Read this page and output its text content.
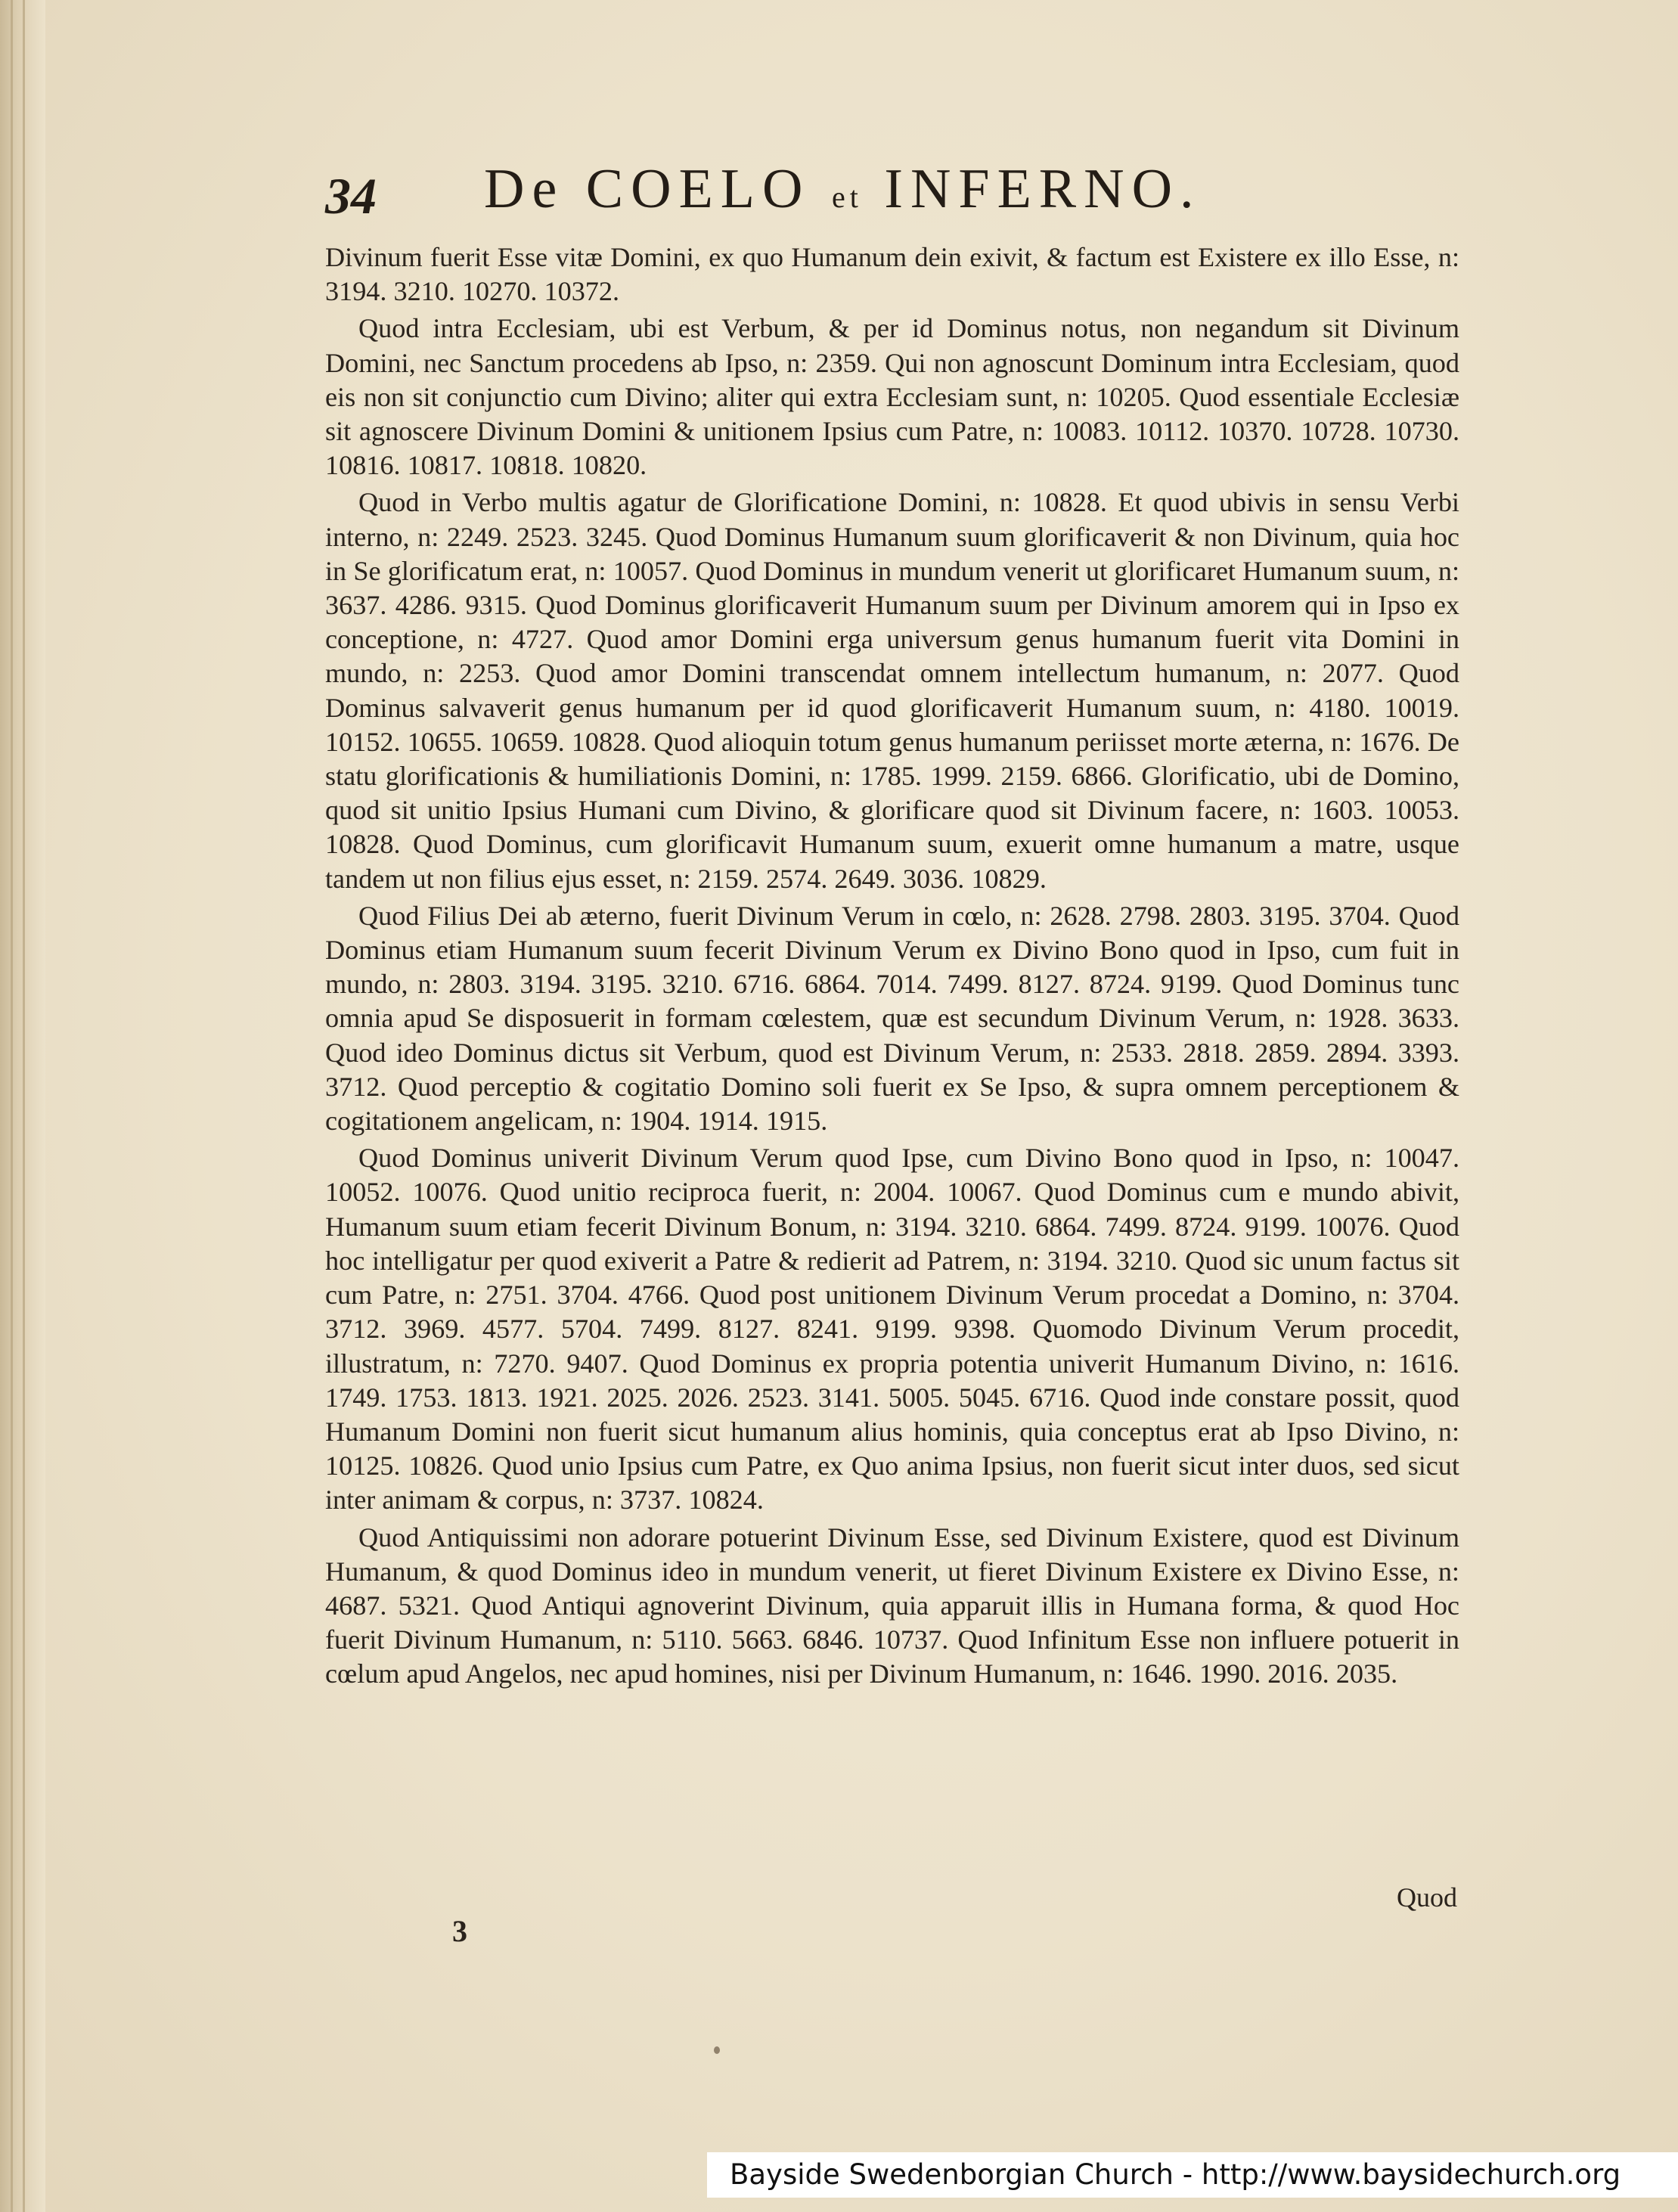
34 De COELO et INFERNO.

Divinum fuerit Esse vitæ Domini, ex quo Humanum dein exivit, & factum est Existere ex illo Esse, n: 3194. 3210. 10270. 10372.

Quod intra Ecclesiam, ubi est Verbum, & per id Dominus notus, non negandum sit Divinum Domini, nec Sanctum procedens ab Ipso, n: 2359. Qui non agnoscunt Dominum intra Ecclesiam, quod eis non sit conjunctio cum Divino; aliter qui extra Ecclesiam sunt, n: 10205. Quod essentiale Ecclesiæ sit agnoscere Divinum Domini & unitionem Ipsius cum Patre, n: 10083. 10112. 10370. 10728. 10730. 10816. 10817. 10818. 10820.

Quod in Verbo multis agatur de Glorificatione Domini, n: 10828. Et quod ubivis in sensu Verbi interno, n: 2249. 2523. 3245. Quod Dominus Humanum suum glorificaverit & non Divinum, quia hoc in Se glorificatum erat, n: 10057. Quod Dominus in mundum venerit ut glorificaret Humanum suum, n: 3637. 4286. 9315. Quod Dominus glorificaverit Humanum suum per Divinum amorem qui in Ipso ex conceptione, n: 4727. Quod amor Domini erga universum genus humanum fuerit vita Domini in mundo, n: 2253. Quod amor Domini transcendat omnem intellectum humanum, n: 2077. Quod Dominus salvaverit genus humanum per id quod glorificaverit Humanum suum, n: 4180. 10019. 10152. 10655. 10659. 10828. Quod alioquin totum genus humanum periisset morte æterna, n: 1676. De statu glorificationis & humiliationis Domini, n: 1785. 1999. 2159. 6866. Glorificatio, ubi de Domino, quod sit unitio Ipsius Humani cum Divino, & glorificare quod sit Divinum facere, n: 1603. 10053. 10828. Quod Dominus, cum glorificavit Humanum suum, exuerit omne humanum a matre, usque tandem ut non filius ejus esset, n: 2159. 2574. 2649. 3036. 10829.

Quod Filius Dei ab æterno, fuerit Divinum Verum in cœlo, n: 2628. 2798. 2803. 3195. 3704. Quod Dominus etiam Humanum suum fecerit Divinum Verum ex Divino Bono quod in Ipso, cum fuit in mundo, n: 2803. 3194. 3195. 3210. 6716. 6864. 7014. 7499. 8127. 8724. 9199. Quod Dominus tunc omnia apud Se disposuerit in formam cœlestem, quæ est secundum Divinum Verum, n: 1928. 3633. Quod ideo Dominus dictus sit Verbum, quod est Divinum Verum, n: 2533. 2818. 2859. 2894. 3393. 3712. Quod perceptio & cogitatio Domino soli fuerit ex Se Ipso, & supra omnem perceptionem & cogitationem angelicam, n: 1904. 1914. 1915.

Quod Dominus univerit Divinum Verum quod Ipse, cum Divino Bono quod in Ipso, n: 10047. 10052. 10076. Quod unitio reciproca fuerit, n: 2004. 10067. Quod Dominus cum e mundo abivit, Humanum suum etiam fecerit Divinum Bonum, n: 3194. 3210. 6864. 7499. 8724. 9199. 10076. Quod hoc intelligatur per quod exiverit a Patre & redierit ad Patrem, n: 3194. 3210. Quod sic unum factus sit cum Patre, n: 2751. 3704. 4766. Quod post unitionem Divinum Verum procedat a Domino, n: 3704. 3712. 3969. 4577. 5704. 7499. 8127. 8241. 9199. 9398. Quomodo Divinum Verum procedit, illustratum, n: 7270. 9407. Quod Dominus ex propria potentia univerit Humanum Divino, n: 1616. 1749. 1753. 1813. 1921. 2025. 2026. 2523. 3141. 5005. 5045. 6716. Quod inde constare possit, quod Humanum Domini non fuerit sicut humanum alius hominis, quia conceptus erat ab Ipso Divino, n: 10125. 10826. Quod unio Ipsius cum Patre, ex Quo anima Ipsius, non fuerit sicut inter duos, sed sicut inter animam & corpus, n: 3737. 10824.

Quod Antiquissimi non adorare potuerint Divinum Esse, sed Divinum Existere, quod est Divinum Humanum, & quod Dominus ideo in mundum venerit, ut fieret Divinum Existere ex Divino Esse, n: 4687. 5321. Quod Antiqui agnoverint Divinum, quia apparuit illis in Humana forma, & quod Hoc fuerit Divinum Humanum, n: 5110. 5663. 6846. 10737. Quod Infinitum Esse non influere potuerit in cœlum apud Angelos, nec apud homines, nisi per Divinum Humanum, n: 1646. 1990. 2016. 2035.

Quod
3
Bayside Swedenborgian Church - http://www.baysidechurch.org
